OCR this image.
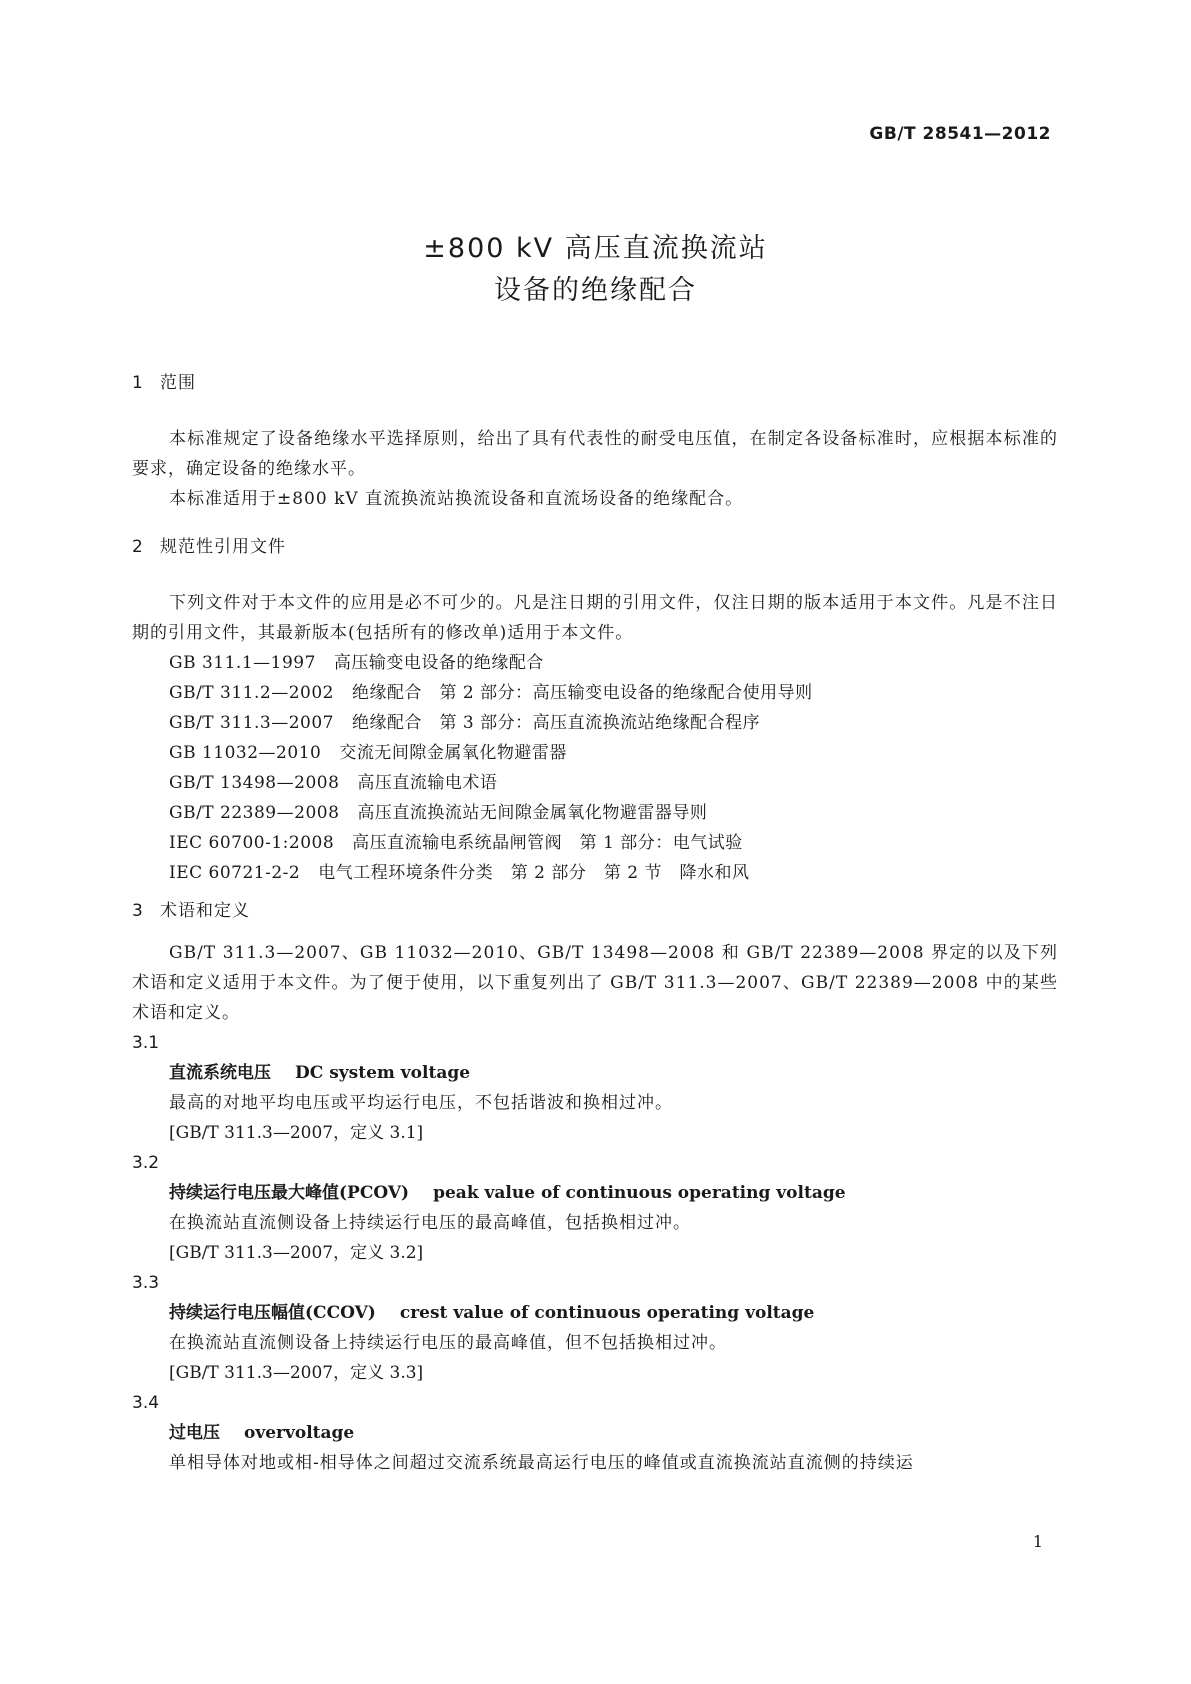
GB/T 28541—2012
±800 kV 高压直流换流站
设备的绝缘配合
1 范围
本标准规定了设备绝缘水平选择原则，给出了具有代表性的耐受电压值，在制定各设备标准时，应根据本标准的要求，确定设备的绝缘水平。
本标准适用于±800 kV 直流换流站换流设备和直流场设备的绝缘配合。
2 规范性引用文件
下列文件对于本文件的应用是必不可少的。凡是注日期的引用文件，仅注日期的版本适用于本文件。凡是不注日期的引用文件，其最新版本(包括所有的修改单)适用于本文件。
GB 311.1—1997 高压输变电设备的绝缘配合
GB/T 311.2—2002 绝缘配合　第 2 部分：高压输变电设备的绝缘配合使用导则
GB/T 311.3—2007 绝缘配合　第 3 部分：高压直流换流站绝缘配合程序
GB 11032—2010 交流无间隙金属氧化物避雷器
GB/T 13498—2008 高压直流输电术语
GB/T 22389—2008 高压直流换流站无间隙金属氧化物避雷器导则
IEC 60700-1:2008 高压直流输电系统晶闸管阀　第 1 部分：电气试验
IEC 60721-2-2 电气工程环境条件分类　第 2 部分　第 2 节　降水和风
3 术语和定义
GB/T 311.3—2007、GB 11032—2010、GB/T 13498—2008 和 GB/T 22389—2008 界定的以及下列术语和定义适用于本文件。为了便于使用，以下重复列出了 GB/T 311.3—2007、GB/T 22389—2008 中的某些术语和定义。
3.1
直流系统电压 DC system voltage
最高的对地平均电压或平均运行电压，不包括谐波和换相过冲。
[GB/T 311.3—2007，定义 3.1]
3.2
持续运行电压最大峰值(PCOV) peak value of continuous operating voltage
在换流站直流侧设备上持续运行电压的最高峰值，包括换相过冲。
[GB/T 311.3—2007，定义 3.2]
3.3
持续运行电压幅值(CCOV) crest value of continuous operating voltage
在换流站直流侧设备上持续运行电压的最高峰值，但不包括换相过冲。
[GB/T 311.3—2007，定义 3.3]
3.4
过电压 overvoltage
单相导体对地或相-相导体之间超过交流系统最高运行电压的峰值或直流换流站直流侧的持续运
1
